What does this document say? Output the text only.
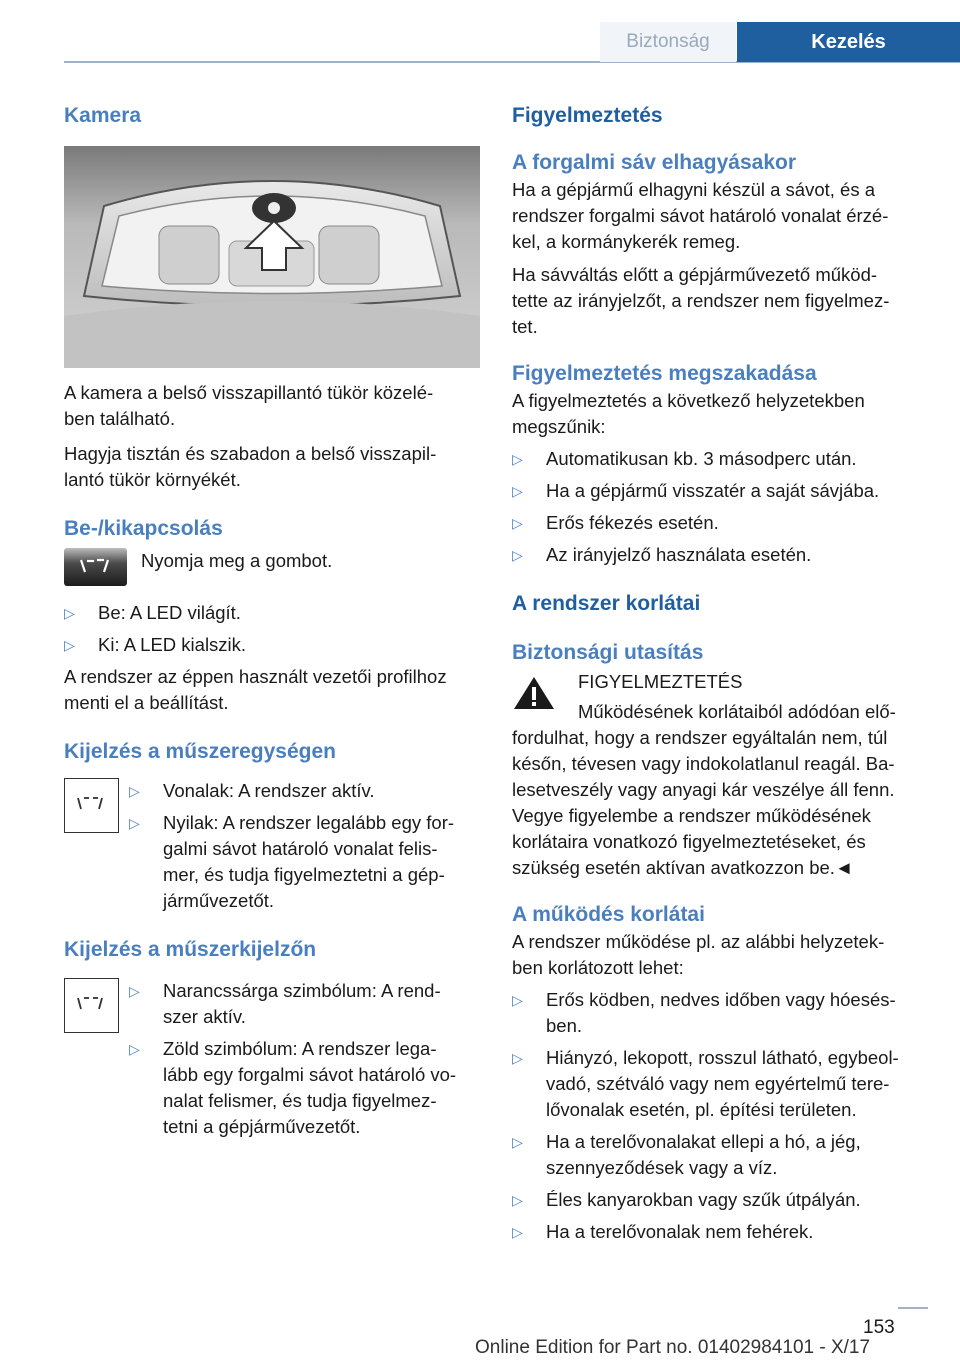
Biztonság	Kezelés
Kamera

A kamera a belső visszapillantó tükör közelé-
ben található.

Hagyja tisztán és szabadon a belső visszapil-
lantó tükör környékét.

Be-/kikapcsolás
Nyomja meg a gombot.
▷ Be: A LED világít.
▷ Ki: A LED kialszik.

A rendszer az éppen használt vezetői profilhoz
menti el a beállítást.

Kijelzés a műszeregységen
▷ Vonalak: A rendszer aktív.
▷ Nyilak: A rendszer legalább egy for-
galmi sávot határoló vonalat felis-
mer, és tudja figyelmeztetni a gép-
járművezetőt.
Kijelzés a műszerkijelzőn
▷ Narancssárga szimbólum: A rend-
szer aktív.
▷ Zöld szimbólum: A rendszer lega-
lább egy forgalmi sávot határoló vo-
nalat felismer, és tudja figyelmez-
tetni a gépjárművezetőt.
Figyelmeztetés
A forgalmi sáv elhagyásakor

Ha a gépjármű elhagyni készül a sávot, és a
rendszer forgalmi sávot határoló vonalat érzé-
kel, a kormánykerék remeg.

Ha sávváltás előtt a gépjárművezető működ-
tette az irányjelzőt, a rendszer nem figyelmez-
tet.

Figyelmeztetés megszakadása

A figyelmeztetés a következő helyzetekben
megszűnik:

▷ Automatikusan kb. 3 másodperc után.
▷ Ha a gépjármű visszatér a saját sávjába.
▷ Erős fékezés esetén.
▷ Az irányjelző használata esetén.
A rendszer korlátai
Biztonsági utasítás
FIGYELMEZTETÉS
Működésének korlátaiból adódóan elő-

fordulhat, hogy a rendszer egyáltalán nem, túl
későn, tévesen vagy indokolatlanul reagál. Ba-
lesetveszély vagy anyagi kár veszélye áll fenn.
Vegye figyelembe a rendszer működésének
korlátaira vonatkozó figyelmeztetéseket, és
szükség esetén aktívan avatkozzon be.◄

A működés korlátai

A rendszer működése pl. az alábbi helyzetek-
ben korlátozott lehet:

▷ Erős ködben, nedves időben vagy hóesés-
ben.
▷ Hiányzó, lekopott, rosszul látható, egybeol-
vadó, szétváló vagy nem egyértelmű tere-
lővonalak esetén, pl. építési területen.
▷ Ha a terelővonalakat ellepi a hó, a jég,
szennyeződések vagy a víz.
▷ Éles kanyarokban vagy szűk útpályán.
▷ Ha a terelővonalak nem fehérek.
153
Online Edition for Part no. 01402984101 - X/17
